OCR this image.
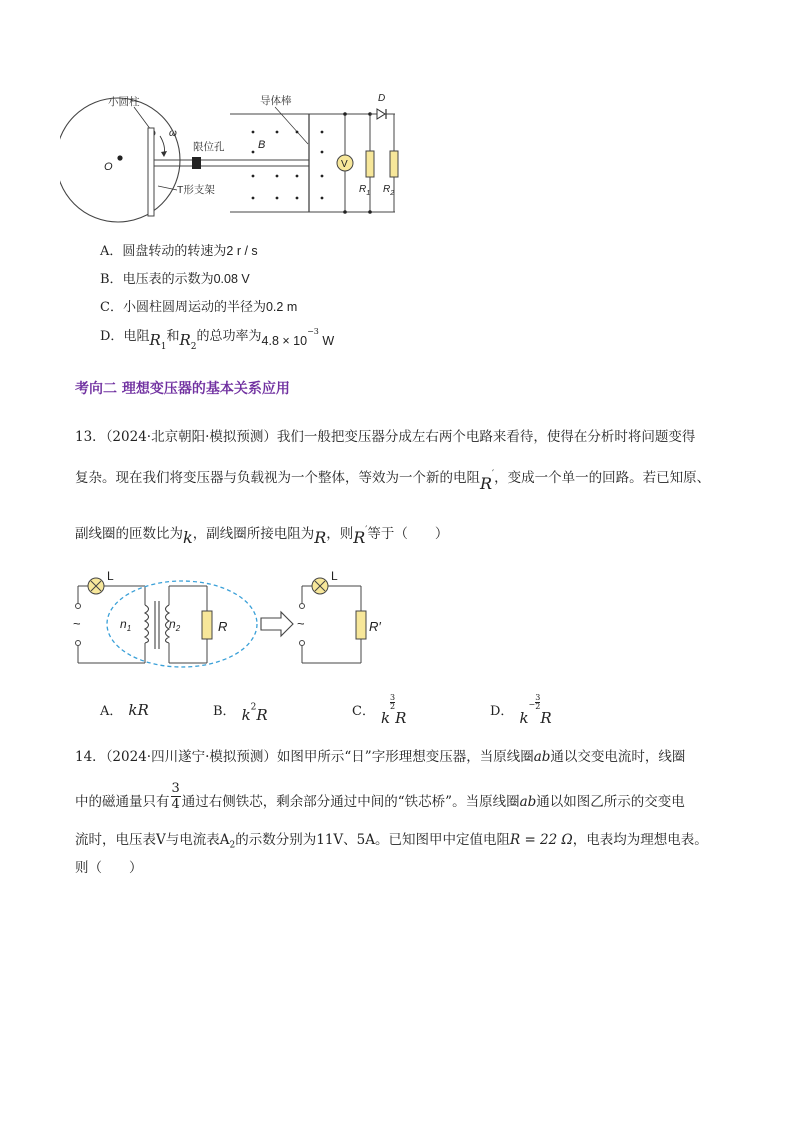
O
小圆柱
ω
限位孔
T形支架
导体棒
B
V
$R_1$
D
$R_2$
A．圆盘转动的转速为2 r / s
B．电压表的示数为0.08 V
C．小圆柱圆周运动的半径为0.2 m
D．电阻$R_1$和$R_2$的总功率为$4.8 \times 10^{-3}$ W
考向二 理想变压器的基本关系应用
13．（2024·北京朝阳·模拟预测）我们一般把变压器分成左右两个电路来看待，使得在分析时将问题变得
复杂。现在我们将变压器与负载视为一个整体，等效为一个新的电阻R′，变成一个单一的回路。若已知原、
副线圈的匝数比为k，副线圈所接电阻为R，则R′等于（　　）
L
~	$n_1$	$n_2$	R
L
~	R′
A． kR	B． $k^2R$	C． k
$\frac{3}{2}$
R	D． $k^- \frac{3}{2}$
R
14．（2024·四川遂宁·模拟预测）如图甲所示“日”字形理想变压器，当原线圈ab通以交变电流时，线圈
中的磁通量只有 $\frac{3}{4}$ 通过右侧铁芯，剩余部分通过中间的“铁芯桥”。当原线圈ab通以如图乙所示的交变电
流时，电压表V与电流表$A_2$的示数分别为11V、5A。已知图甲中定值电阻R = 22 Ω，电表均为理想电表。
则（　　）
